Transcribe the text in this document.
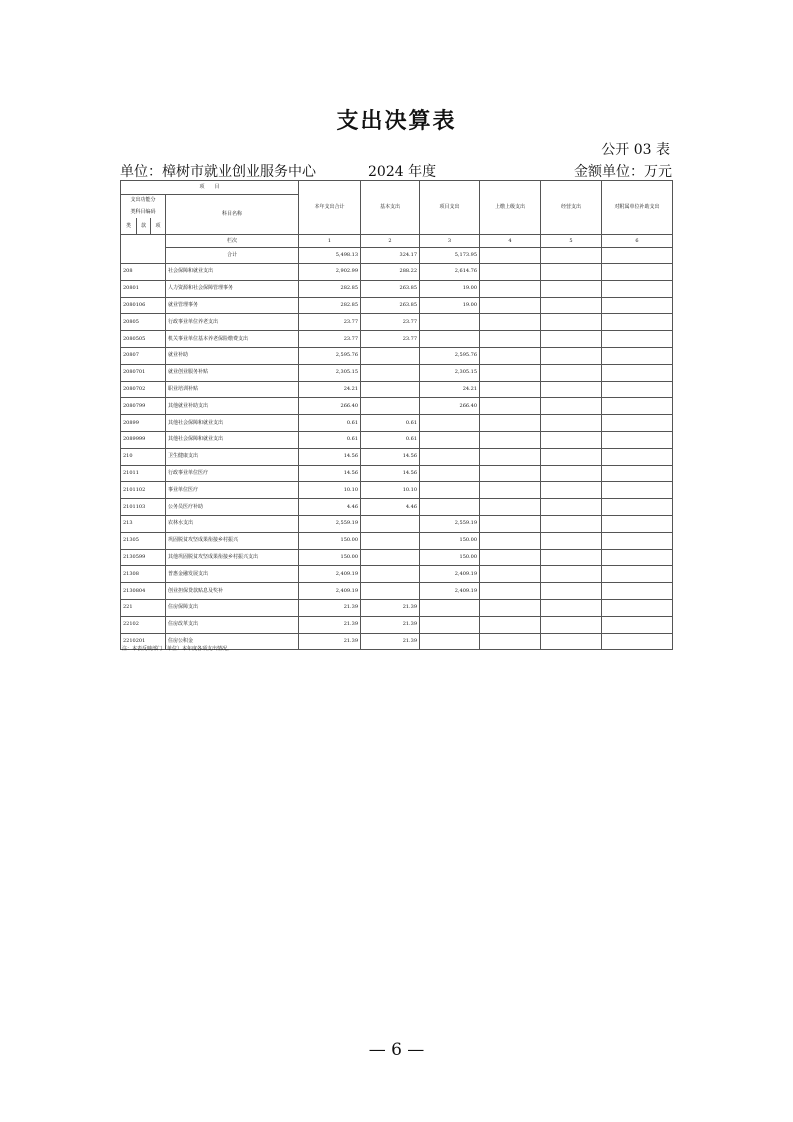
支出决算表
公开 03 表
单位：樟树市就业创业服务中心	2024 年度	金额单位：万元
项　　目				本年支出合计	基本支出	项目支出	上缴上级支出	经营支出	对附属单位补助支出

支出功能分
类科目编码			科目名称						
类	款	项							
			栏次	1	2	3	4	5	6
			合计	5,498.13	324.17	5,173.95			
208			社会保障和就业支出	2,902.99	288.22	2,614.76			
20801			人力资源和社会保障管理事务	282.85	263.85	19.00			
2080106			就业管理事务	282.85	263.85	19.00			
20805			行政事业单位养老支出	23.77	23.77				
2080505			机关事业单位基本养老保险缴费支出	23.77	23.77				
20807			就业补助	2,595.76		2,595.76			
2080701			就业创业服务补贴	2,305.15		2,305.15			
2080702			职业培训补贴	24.21		24.21			
2080799			其他就业补助支出	266.40		266.40			
20899			其他社会保障和就业支出	0.61	0.61				
2089999			其他社会保障和就业支出	0.61	0.61				
210			卫生健康支出	14.56	14.56				
21011			行政事业单位医疗	14.56	14.56				
2101102			事业单位医疗	10.10	10.10				
2101103			公务员医疗补助	4.46	4.46				
213			农林水支出	2,559.19		2,559.19			
21305			巩固脱贫攻坚成果衔接乡村振兴	150.00		150.00			
2130599			其他巩固脱贫攻坚成果衔接乡村振兴支出	150.00		150.00			
21308			普惠金融发展支出	2,409.19		2,409.19			
2130804			创业担保贷款贴息及奖补	2,409.19		2,409.19			
221			住房保障支出	21.39	21.39				
22102			住房改革支出	21.39	21.39				
2210201			住房公积金	21.39	21.39				
注：本表反映部门（单位）本年度各项支出情况。
— 6 —
